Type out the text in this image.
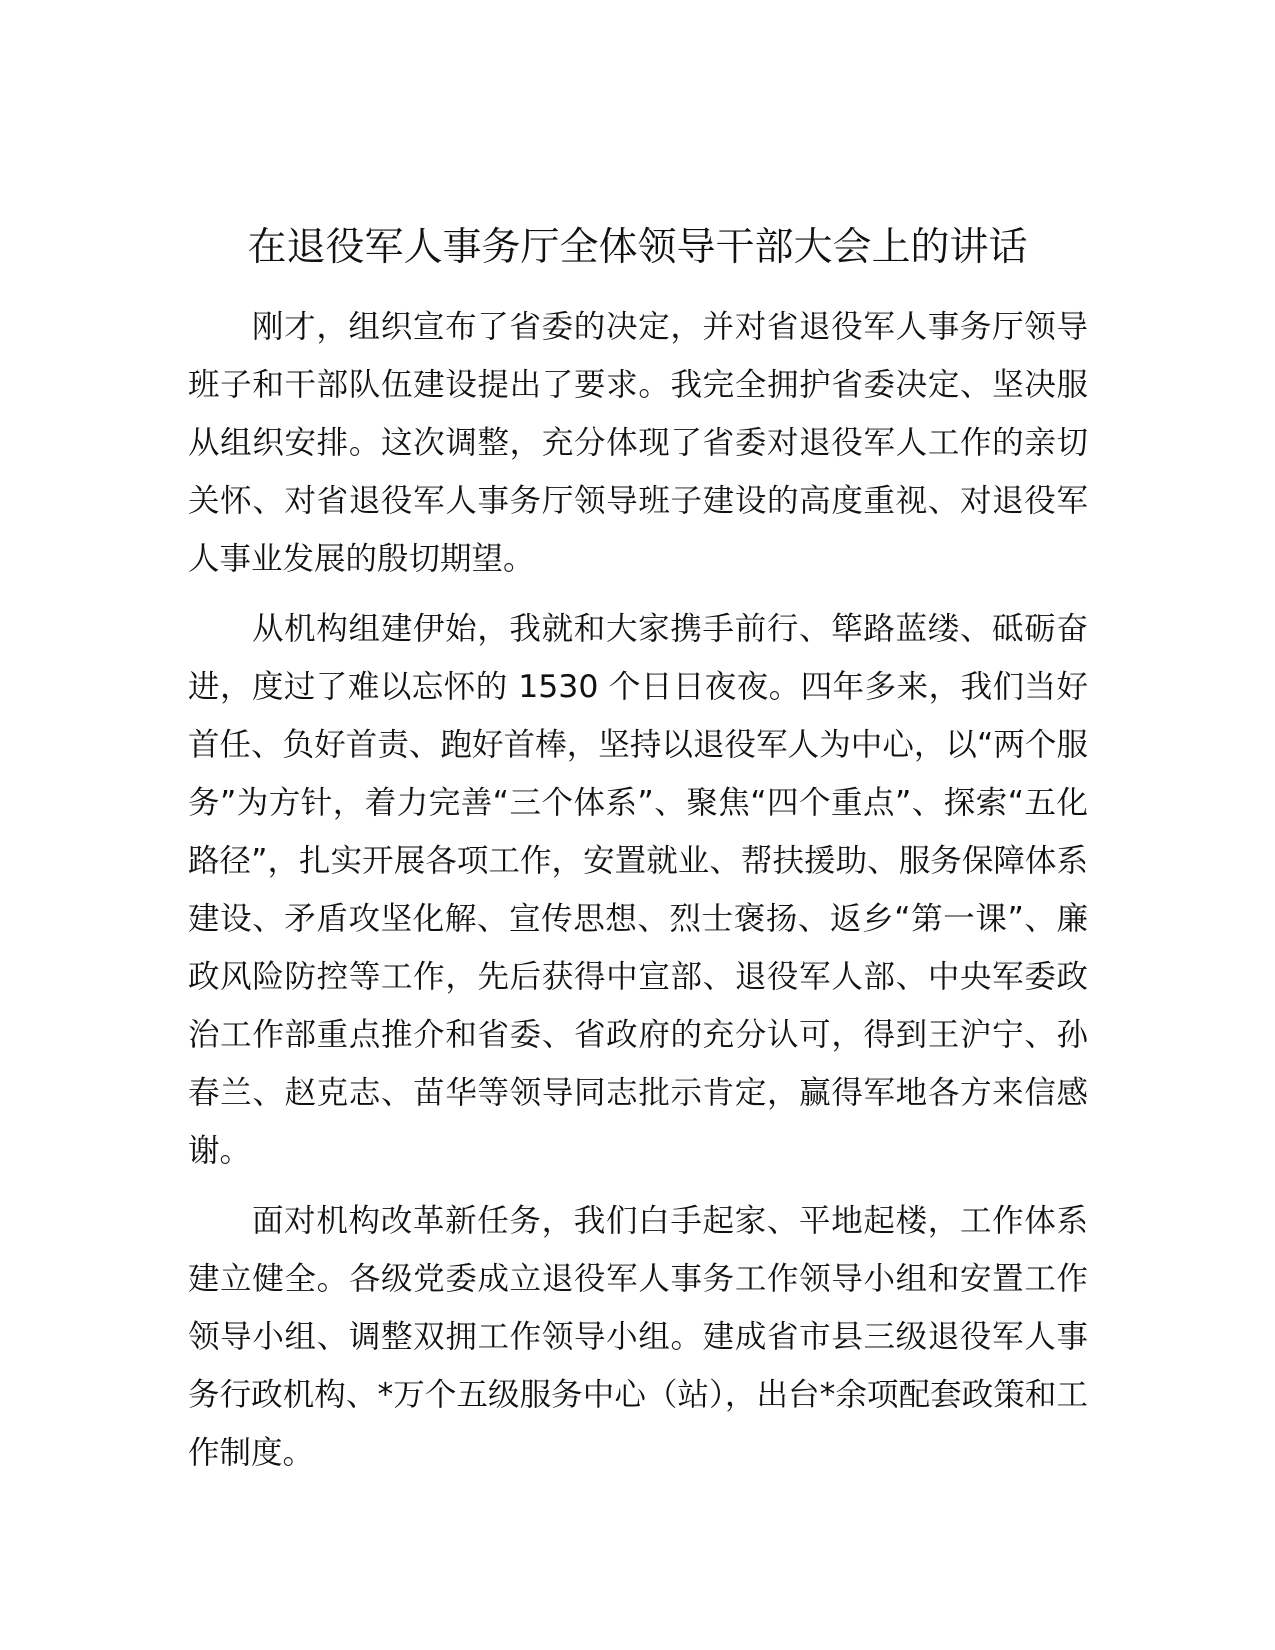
在退役军人事务厅全体领导干部大会上的讲话

刚才，组织宣布了省委的决定，并对省退役军人事务厅领导班子和干部队伍建设提出了要求。我完全拥护省委决定、坚决服从组织安排。这次调整，充分体现了省委对退役军人工作的亲切关怀、对省退役军人事务厅领导班子建设的高度重视、对退役军人事业发展的殷切期望。

从机构组建伊始，我就和大家携手前行、筚路蓝缕、砥砺奋进，度过了难以忘怀的 1530 个日日夜夜。四年多来，我们当好首任、负好首责、跑好首棒，坚持以退役军人为中心，以“两个服务”为方针，着力完善“三个体系”、聚焦“四个重点”、探索“五化路径”，扎实开展各项工作，安置就业、帮扶援助、服务保障体系建设、矛盾攻坚化解、宣传思想、烈士褒扬、返乡“第一课”、廉政风险防控等工作，先后获得中宣部、退役军人部、中央军委政治工作部重点推介和省委、省政府的充分认可，得到王沪宁、孙春兰、赵克志、苗华等领导同志批示肯定，赢得军地各方来信感谢。

面对机构改革新任务，我们白手起家、平地起楼，工作体系建立健全。各级党委成立退役军人事务工作领导小组和安置工作领导小组、调整双拥工作领导小组。建成省市县三级退役军人事务行政机构、*万个五级服务中心（站），出台*余项配套政策和工作制度。
